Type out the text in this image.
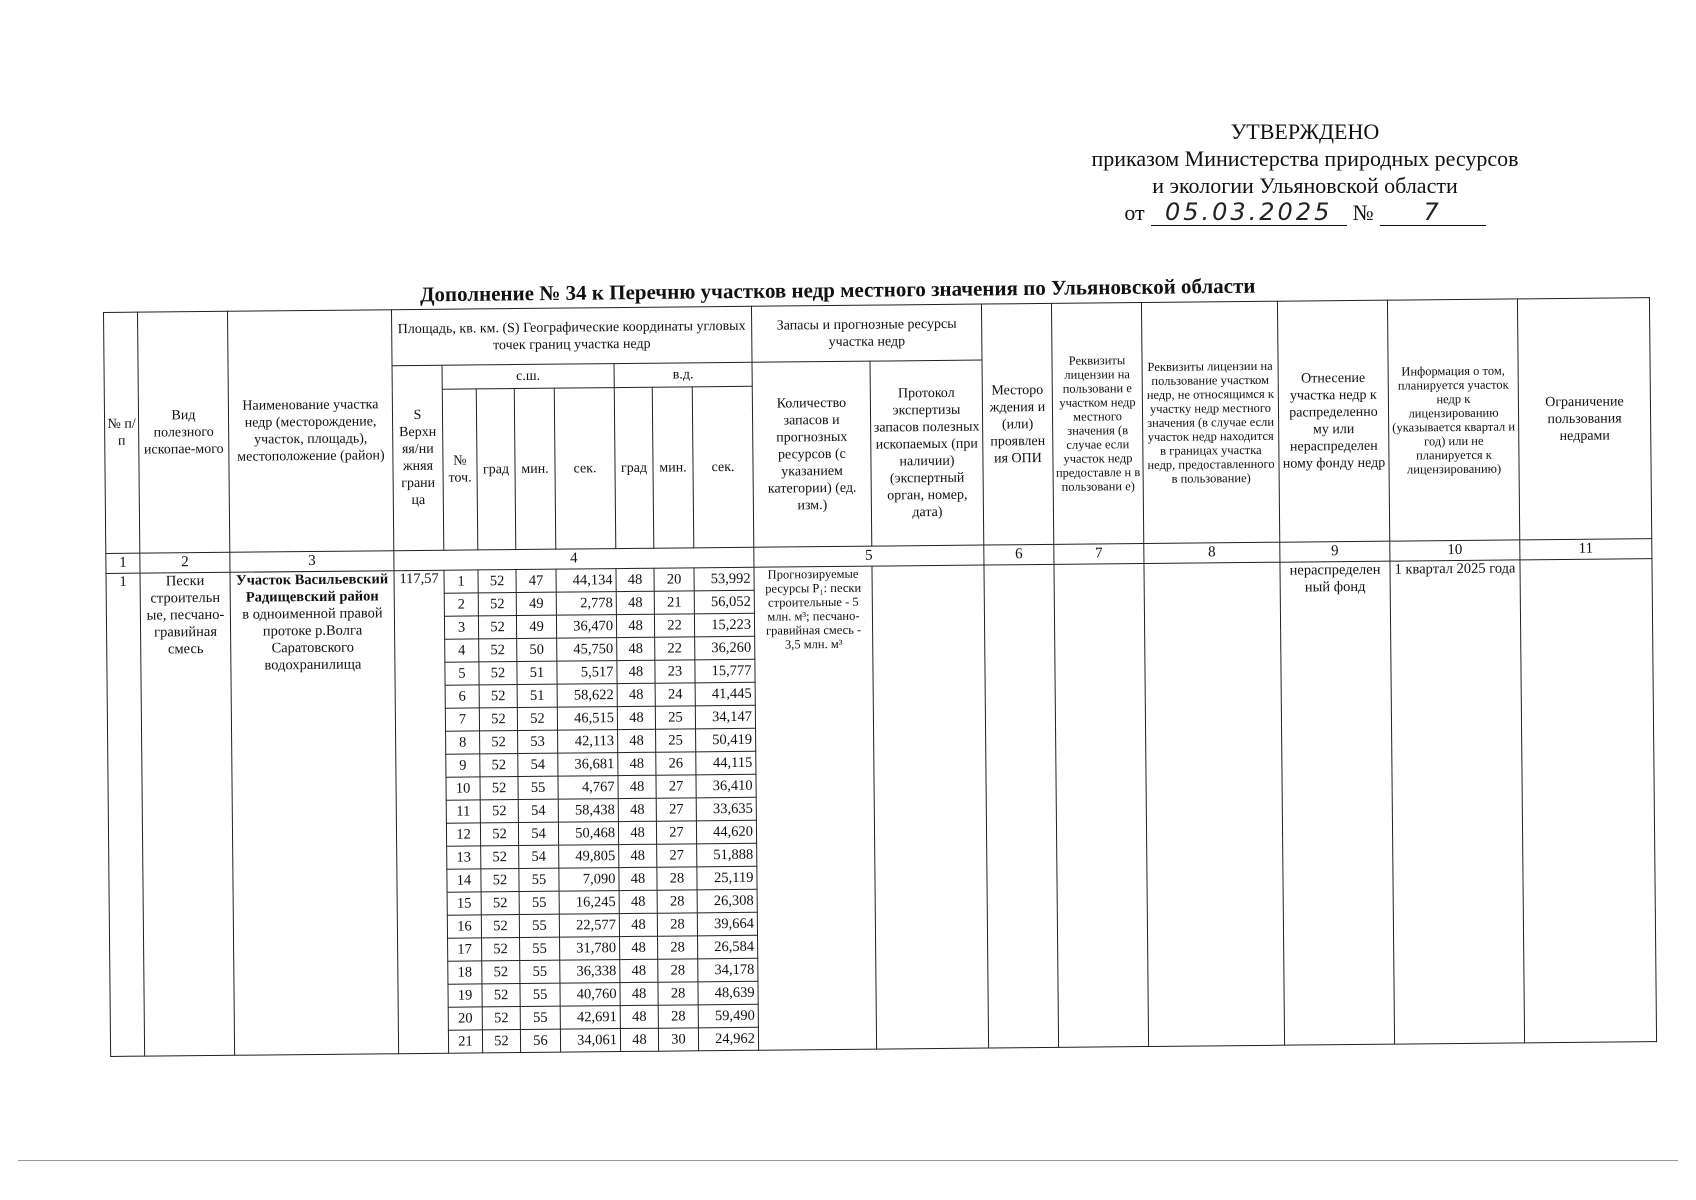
УТВЕРЖДЕНО
приказом Министерства природных ресурсов
и экологии Ульяновской области
от 05.03.2025 №	7
Дополнение № 34 к Перечню участков недр местного значения по Ульяновской области
№ п/п	Вид полезного ископае-мого	Наименование участка недр (месторождение, участок, площадь), местоположение (район)	Площадь, кв. км. (S) Географические координаты угловых точек границ участка недр								Запасы и прогнозные ресурсы участка недр		Месторо ждения и (или) проявлен ия ОПИ	Реквизиты лицензии на пользовани е участком недр местного значения (в случае если участок недр предоставле н в пользовани е)	Реквизиты лицензии на пользование участком недр, не относящимся к участку недр местного значения (в случае если участок недр находится в границах участка недр, предоставленного в пользование)	Отнесение участка недр к распределенно му или нераспределен ному фонду недр	Информация о том, планируется участок недр к лицензированию (указывается квартал и год) или не планируется к лицензированию)	Ограничение пользования недрами
			S Верхн яя/ни жняя грани ца	с.ш.				в.д.			Количество запасов и прогнозных ресурсов (с указанием категории) (ед. изм.)	Протокол экспертизы запасов полезных ископаемых (при наличии) (экспертный орган, номер, дата)						
				№ точ.	град	мин.	сек.	град	мин.	сек.								

1	2	3	4								5		6	7	8	9	10	11
1	Пески строительн ые, песчано- гравийная смесь	Участок Васильевский Радищевский район
в одноименной правой протоке р.Волга Саратовского водохранилища	117,57	1	52	47	44,134	48	20	53,992	Прогнозируемые ресурсы P₁: пески строительные - 5 млн. м³; песчано- гравийная смесь - 3,5 млн. м³					нераспределен ный фонд	1 квартал 2025 года	
				2	52	49	2,778	48	21	56,052								
				3	52	49	36,470	48	22	15,223								
				4	52	50	45,750	48	22	36,260								
				5	52	51	5,517	48	23	15,777								
				6	52	51	58,622	48	24	41,445								
				7	52	52	46,515	48	25	34,147								
				8	52	53	42,113	48	25	50,419								
				9	52	54	36,681	48	26	44,115								
				10	52	55	4,767	48	27	36,410								
				11	52	54	58,438	48	27	33,635								
				12	52	54	50,468	48	27	44,620								
				13	52	54	49,805	48	27	51,888								
				14	52	55	7,090	48	28	25,119								
				15	52	55	16,245	48	28	26,308								
				16	52	55	22,577	48	28	39,664								
				17	52	55	31,780	48	28	26,584								
				18	52	55	36,338	48	28	34,178								
				19	52	55	40,760	48	28	48,639								
				20	52	55	42,691	48	28	59,490								
				21	52	56	34,061	48	30	24,962								
